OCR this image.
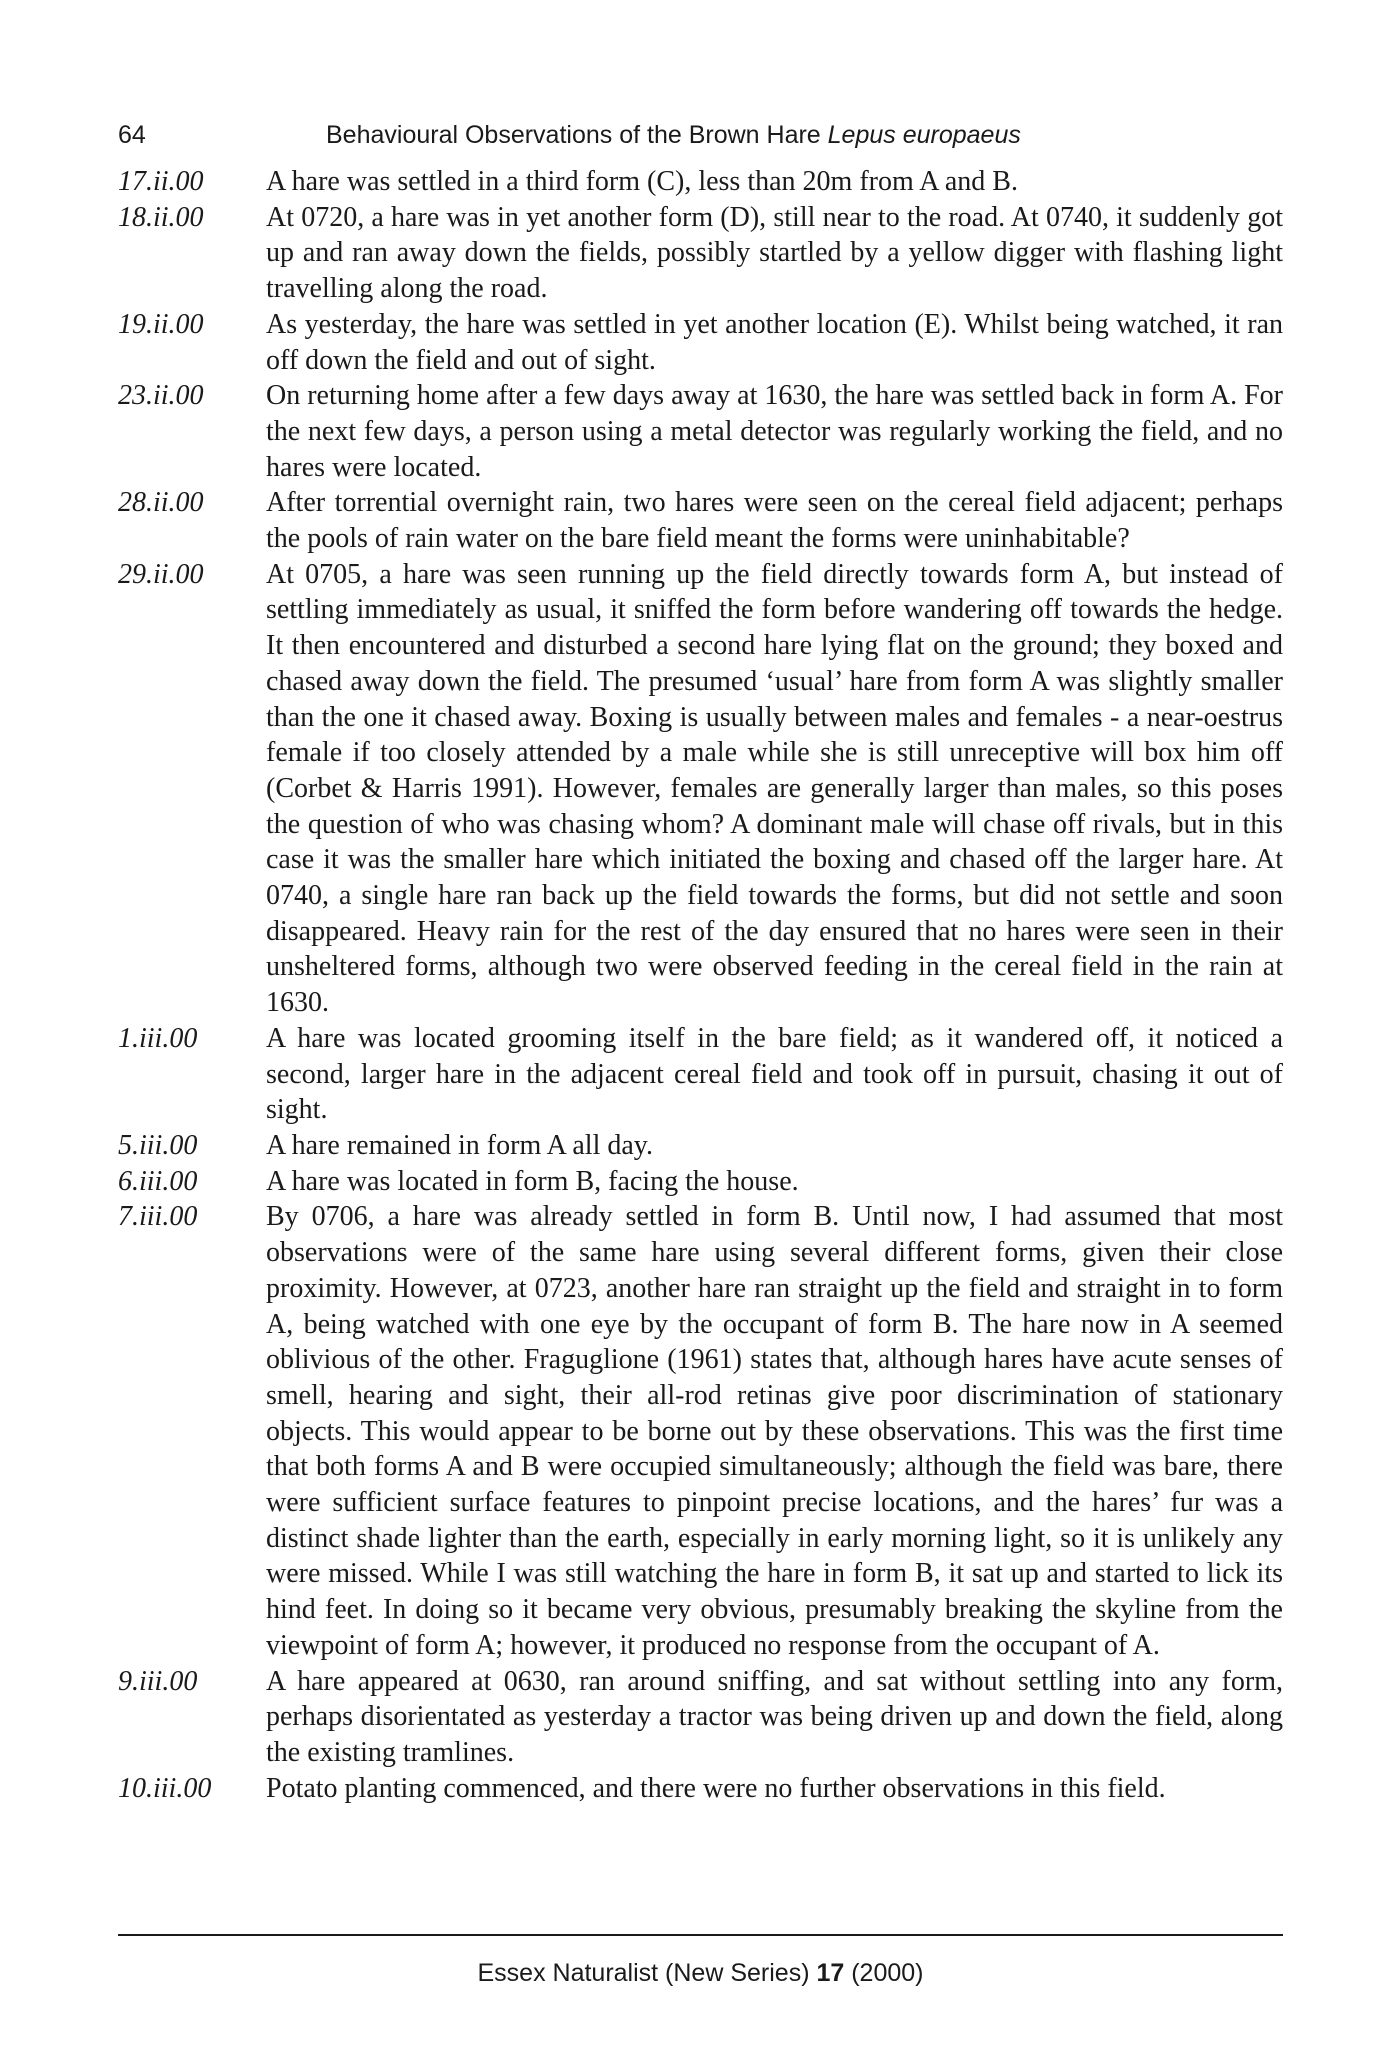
64	Behavioural Observations of the Brown Hare Lepus europaeus
17.ii.00 A hare was settled in a third form (C), less than 20m from A and B.
18.ii.00 At 0720, a hare was in yet another form (D), still near to the road. At 0740, it suddenly got up and ran away down the fields, possibly startled by a yellow digger with flashing light travelling along the road.
19.ii.00 As yesterday, the hare was settled in yet another location (E). Whilst being watched, it ran off down the field and out of sight.
23.ii.00 On returning home after a few days away at 1630, the hare was settled back in form A. For the next few days, a person using a metal detector was regularly working the field, and no hares were located.
28.ii.00 After torrential overnight rain, two hares were seen on the cereal field adjacent; perhaps the pools of rain water on the bare field meant the forms were uninhabitable?
29.ii.00 At 0705, a hare was seen running up the field directly towards form A, but instead of settling immediately as usual, it sniffed the form before wandering off towards the hedge. It then encountered and disturbed a second hare lying flat on the ground; they boxed and chased away down the field. The presumed ‘usual’ hare from form A was slightly smaller than the one it chased away. Boxing is usually between males and females - a near-oestrus female if too closely attended by a male while she is still unreceptive will box him off (Corbet & Harris 1991). However, females are generally larger than males, so this poses the question of who was chasing whom? A dominant male will chase off rivals, but in this case it was the smaller hare which initiated the boxing and chased off the larger hare. At 0740, a single hare ran back up the field towards the forms, but did not settle and soon disappeared. Heavy rain for the rest of the day ensured that no hares were seen in their unsheltered forms, although two were observed feeding in the cereal field in the rain at 1630.
1.iii.00 A hare was located grooming itself in the bare field; as it wandered off, it noticed a second, larger hare in the adjacent cereal field and took off in pursuit, chasing it out of sight.
5.iii.00 A hare remained in form A all day.
6.iii.00 A hare was located in form B, facing the house.
7.iii.00 By 0706, a hare was already settled in form B. Until now, I had assumed that most observations were of the same hare using several different forms, given their close proximity. However, at 0723, another hare ran straight up the field and straight in to form A, being watched with one eye by the occupant of form B. The hare now in A seemed oblivious of the other. Fraguglione (1961) states that, although hares have acute senses of smell, hearing and sight, their all-rod retinas give poor discrimination of stationary objects. This would appear to be borne out by these observations. This was the first time that both forms A and B were occupied simultaneously; although the field was bare, there were sufficient surface features to pinpoint precise locations, and the hares’ fur was a distinct shade lighter than the earth, especially in early morning light, so it is unlikely any were missed. While I was still watching the hare in form B, it sat up and started to lick its hind feet. In doing so it became very obvious, presumably breaking the skyline from the viewpoint of form A; however, it produced no response from the occupant of A.
9.iii.00 A hare appeared at 0630, ran around sniffing, and sat without settling into any form, perhaps disorientated as yesterday a tractor was being driven up and down the field, along the existing tramlines.
10.iii.00 Potato planting commenced, and there were no further observations in this field.
Essex Naturalist (New Series) 17 (2000)
